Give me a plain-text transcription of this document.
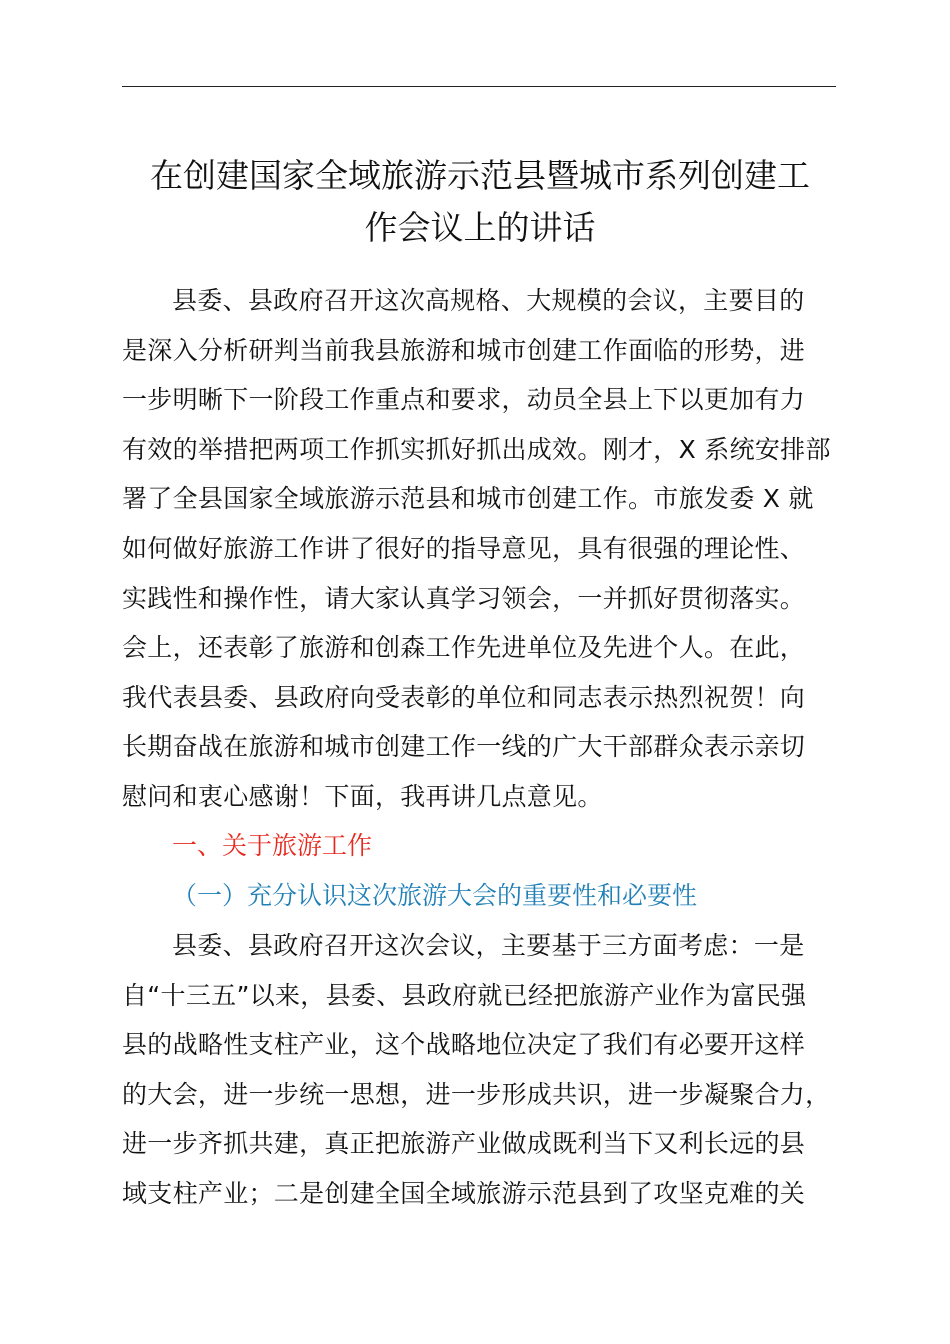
在创建国家全域旅游示范县暨城市系列创建工
作会议上的讲话

县委、县政府召开这次高规格、大规模的会议，主要目的
是深入分析研判当前我县旅游和城市创建工作面临的形势，进
一步明晰下一阶段工作重点和要求，动员全县上下以更加有力
有效的举措把两项工作抓实抓好抓出成效。刚才，X 系统安排部
署了全县国家全域旅游示范县和城市创建工作。市旅发委 X 就
如何做好旅游工作讲了很好的指导意见，具有很强的理论性、
实践性和操作性，请大家认真学习领会，一并抓好贯彻落实。
会上，还表彰了旅游和创森工作先进单位及先进个人。在此，
我代表县委、县政府向受表彰的单位和同志表示热烈祝贺！向
长期奋战在旅游和城市创建工作一线的广大干部群众表示亲切
慰问和衷心感谢！下面，我再讲几点意见。

一、关于旅游工作
（一）充分认识这次旅游大会的重要性和必要性

县委、县政府召开这次会议，主要基于三方面考虑：一是
自“十三五”以来，县委、县政府就已经把旅游产业作为富民强
县的战略性支柱产业，这个战略地位决定了我们有必要开这样
的大会，进一步统一思想，进一步形成共识，进一步凝聚合力，
进一步齐抓共建，真正把旅游产业做成既利当下又利长远的县
域支柱产业；二是创建全国全域旅游示范县到了攻坚克难的关
